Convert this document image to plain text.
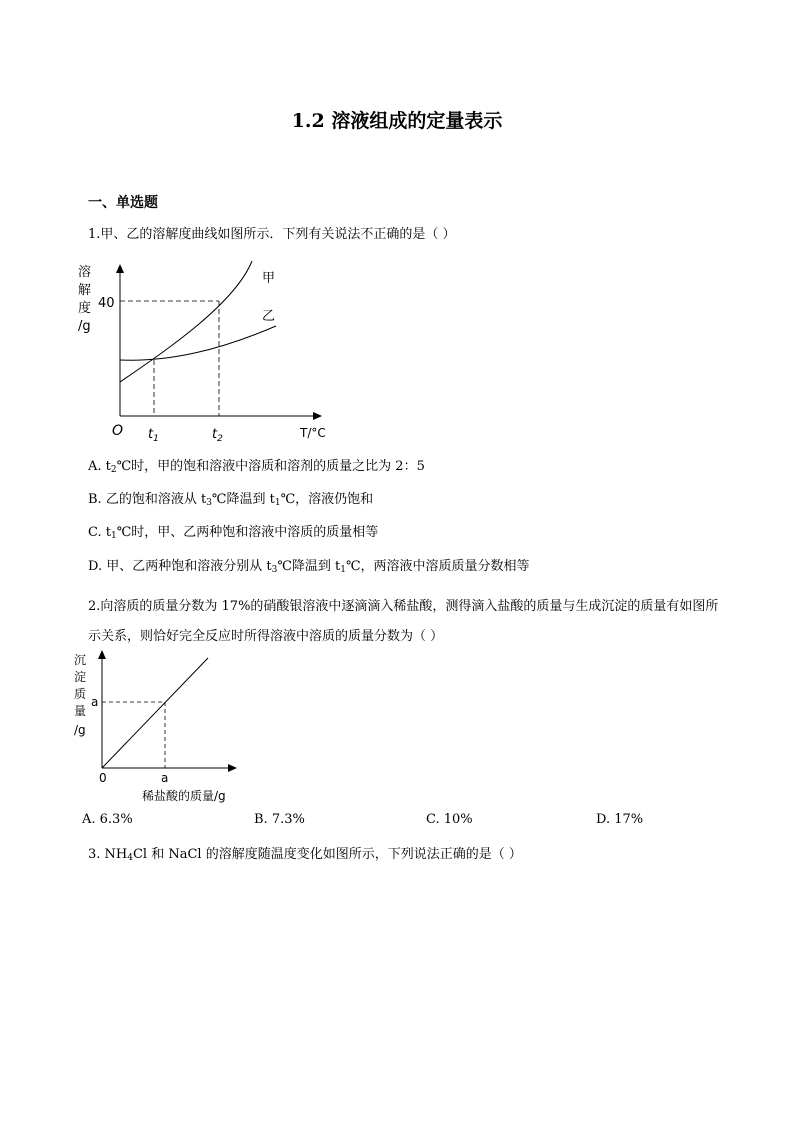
1.2 溶液组成的定量表示
一、单选题
1.甲、乙的溶解度曲线如图所示．下列有关说法不正确的是（ ）
溶
解
度
/g
40
O $t_1$	$t_2$	T/°C
甲
乙
A. $t_2℃$时，甲的饱和溶液中溶质和溶剂的质量之比为 2：5
B. 乙的饱和溶液从 $t_3℃$降温到 $t_1℃$，溶液仍饱和
C. $t_1℃$时，甲、乙两种饱和溶液中溶质的质量相等
D. 甲、乙两种饱和溶液分别从 $t_3℃$降温到 $t_1℃$，两溶液中溶质质量分数相等
2.向溶质的质量分数为 17%的硝酸银溶液中逐滴滴入稀盐酸，测得滴入盐酸的质量与生成沉淀的质量有如图所示关系，则恰好完全反应时所得溶液中溶质的质量分数为（ ）
沉
淀
质
量
/g
a
0	a
稀盐酸的质量/g
A. 6.3%	B. 7.3%	C. 10%	D. 17%
3. $NH_4Cl$ 和 NaCl 的溶解度随温度变化如图所示，下列说法正确的是（ ）
